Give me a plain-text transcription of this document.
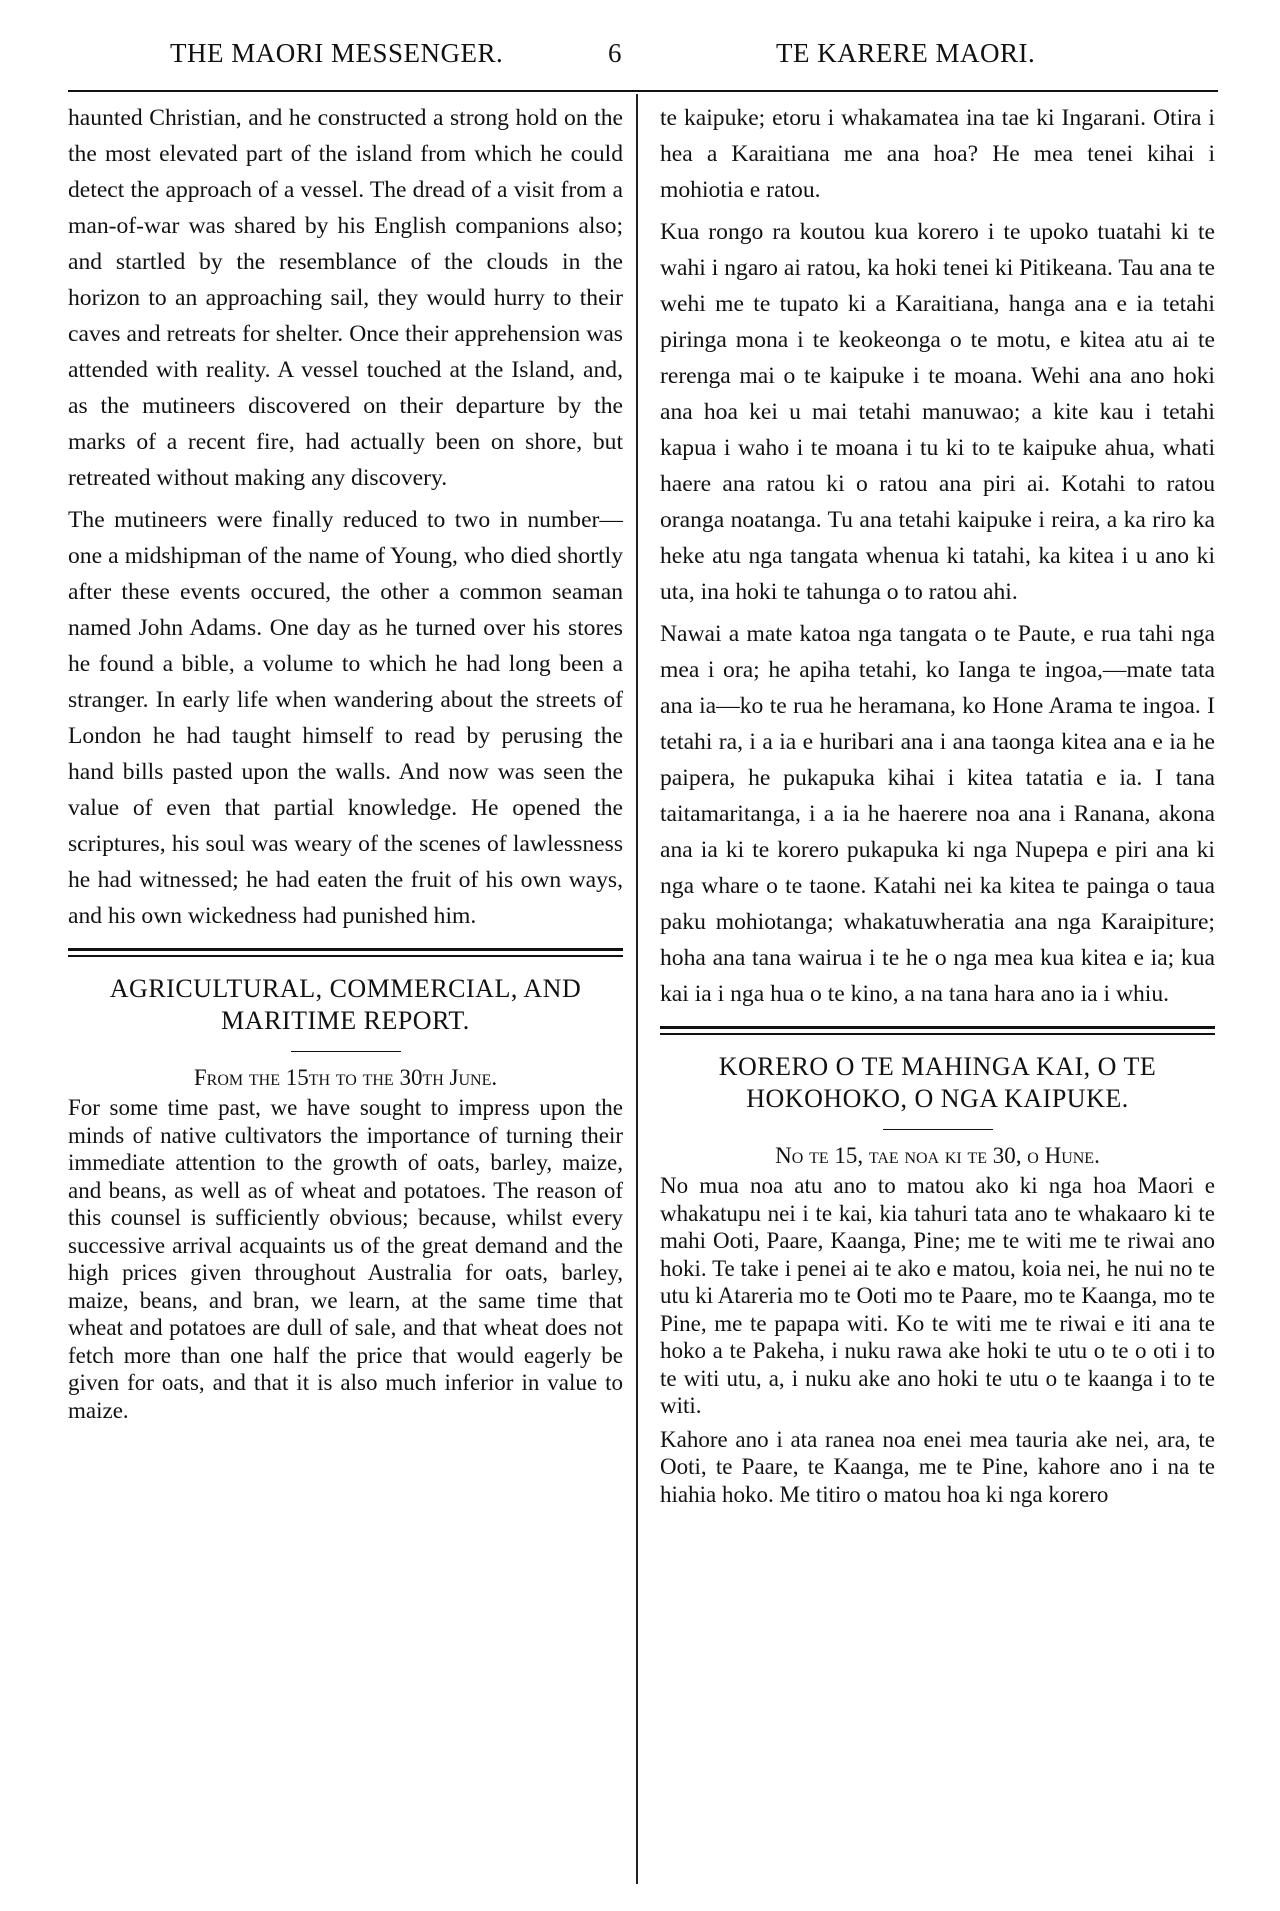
THE MAORI MESSENGER.	6	TE KARERE MAORI.

haunted Christian, and he constructed a strong hold on the the most elevated part of the island from which he could detect the approach of a vessel. The dread of a visit from a man-of-war was shared by his English companions also; and startled by the resemblance of the clouds in the horizon to an approaching sail, they would hurry to their caves and retreats for shelter. Once their apprehension was attended with reality. A vessel touched at the Island, and, as the mutineers discovered on their departure by the marks of a recent fire, had actually been on shore, but retreated without making any discovery.

The mutineers were finally reduced to two in number—one a midshipman of the name of Young, who died shortly after these events occured, the other a common seaman named John Adams. One day as he turned over his stores he found a bible, a volume to which he had long been a stranger. In early life when wandering about the streets of London he had taught himself to read by perusing the hand bills pasted upon the walls. And now was seen the value of even that partial knowledge. He opened the scriptures, his soul was weary of the scenes of lawlessness he had witnessed; he had eaten the fruit of his own ways, and his own wickedness had punished him.

AGRICULTURAL, COMMERCIAL, AND MARITIME REPORT.
From the 15th to the 30th June.

For some time past, we have sought to impress upon the minds of native cultivators the importance of turning their immediate attention to the growth of oats, barley, maize, and beans, as well as of wheat and potatoes. The reason of this counsel is sufficiently obvious; because, whilst every successive arrival acquaints us of the great demand and the high prices given throughout Australia for oats, barley, maize, beans, and bran, we learn, at the same time that wheat and potatoes are dull of sale, and that wheat does not fetch more than one half the price that would eagerly be given for oats, and that it is also much inferior in value to maize.

te kaipuke; etoru i whakamatea ina tae ki Ingarani. Otira i hea a Karaitiana me ana hoa? He mea tenei kihai i mohiotia e ratou.

Kua rongo ra koutou kua korero i te upoko tuatahi ki te wahi i ngaro ai ratou, ka hoki tenei ki Pitikeana. Tau ana te wehi me te tupato ki a Karaitiana, hanga ana e ia tetahi piringa mona i te keokeonga o te motu, e kitea atu ai te rerenga mai o te kaipuke i te moana. Wehi ana ano hoki ana hoa kei u mai tetahi manuwao; a kite kau i tetahi kapua i waho i te moana i tu ki to te kaipuke ahua, whati haere ana ratou ki o ratou ana piri ai. Kotahi to ratou oranga noatanga. Tu ana tetahi kaipuke i reira, a ka riro ka heke atu nga tangata whenua ki tatahi, ka kitea i u ano ki uta, ina hoki te tahunga o to ratou ahi.

Nawai a mate katoa nga tangata o te Paute, e rua tahi nga mea i ora; he apiha tetahi, ko Ianga te ingoa,—mate tata ana ia—ko te rua he heramana, ko Hone Arama te ingoa. I tetahi ra, i a ia e huribari ana i ana taonga kitea ana e ia he paipera, he pukapuka kihai i kitea tatatia e ia. I tana taitamaritanga, i a ia he haerere noa ana i Ranana, akona ana ia ki te korero pukapuka ki nga Nupepa e piri ana ki nga whare o te taone. Katahi nei ka kitea te painga o taua paku mohiotanga; whakatuwheratia ana nga Karaipiture; hoha ana tana wairua i te he o nga mea kua kitea e ia; kua kai ia i nga hua o te kino, a na tana hara ano ia i whiu.

KORERO O TE MAHINGA KAI, O TE HOKOHOKO, O NGA KAIPUKE.
No te 15, tae noa ki te 30, o Hune.

No mua noa atu ano to matou ako ki nga hoa Maori e whakatupu nei i te kai, kia tahuri tata ano te whakaaro ki te mahi Ooti, Paare, Kaanga, Pine; me te witi me te riwai ano hoki. Te take i penei ai te ako e matou, koia nei, he nui no te utu ki Atareria mo te Ooti mo te Paare, mo te Kaanga, mo te Pine, me te papapa witi. Ko te witi me te riwai e iti ana te hoko a te Pakeha, i nuku rawa ake hoki te utu o te o oti i to te witi utu, a, i nuku ake ano hoki te utu o te kaanga i to te witi.

Kahore ano i ata ranea noa enei mea tauria ake nei, ara, te Ooti, te Paare, te Kaanga, me te Pine, kahore ano i na te hiahia hoko. Me titiro o matou hoa ki nga korero
